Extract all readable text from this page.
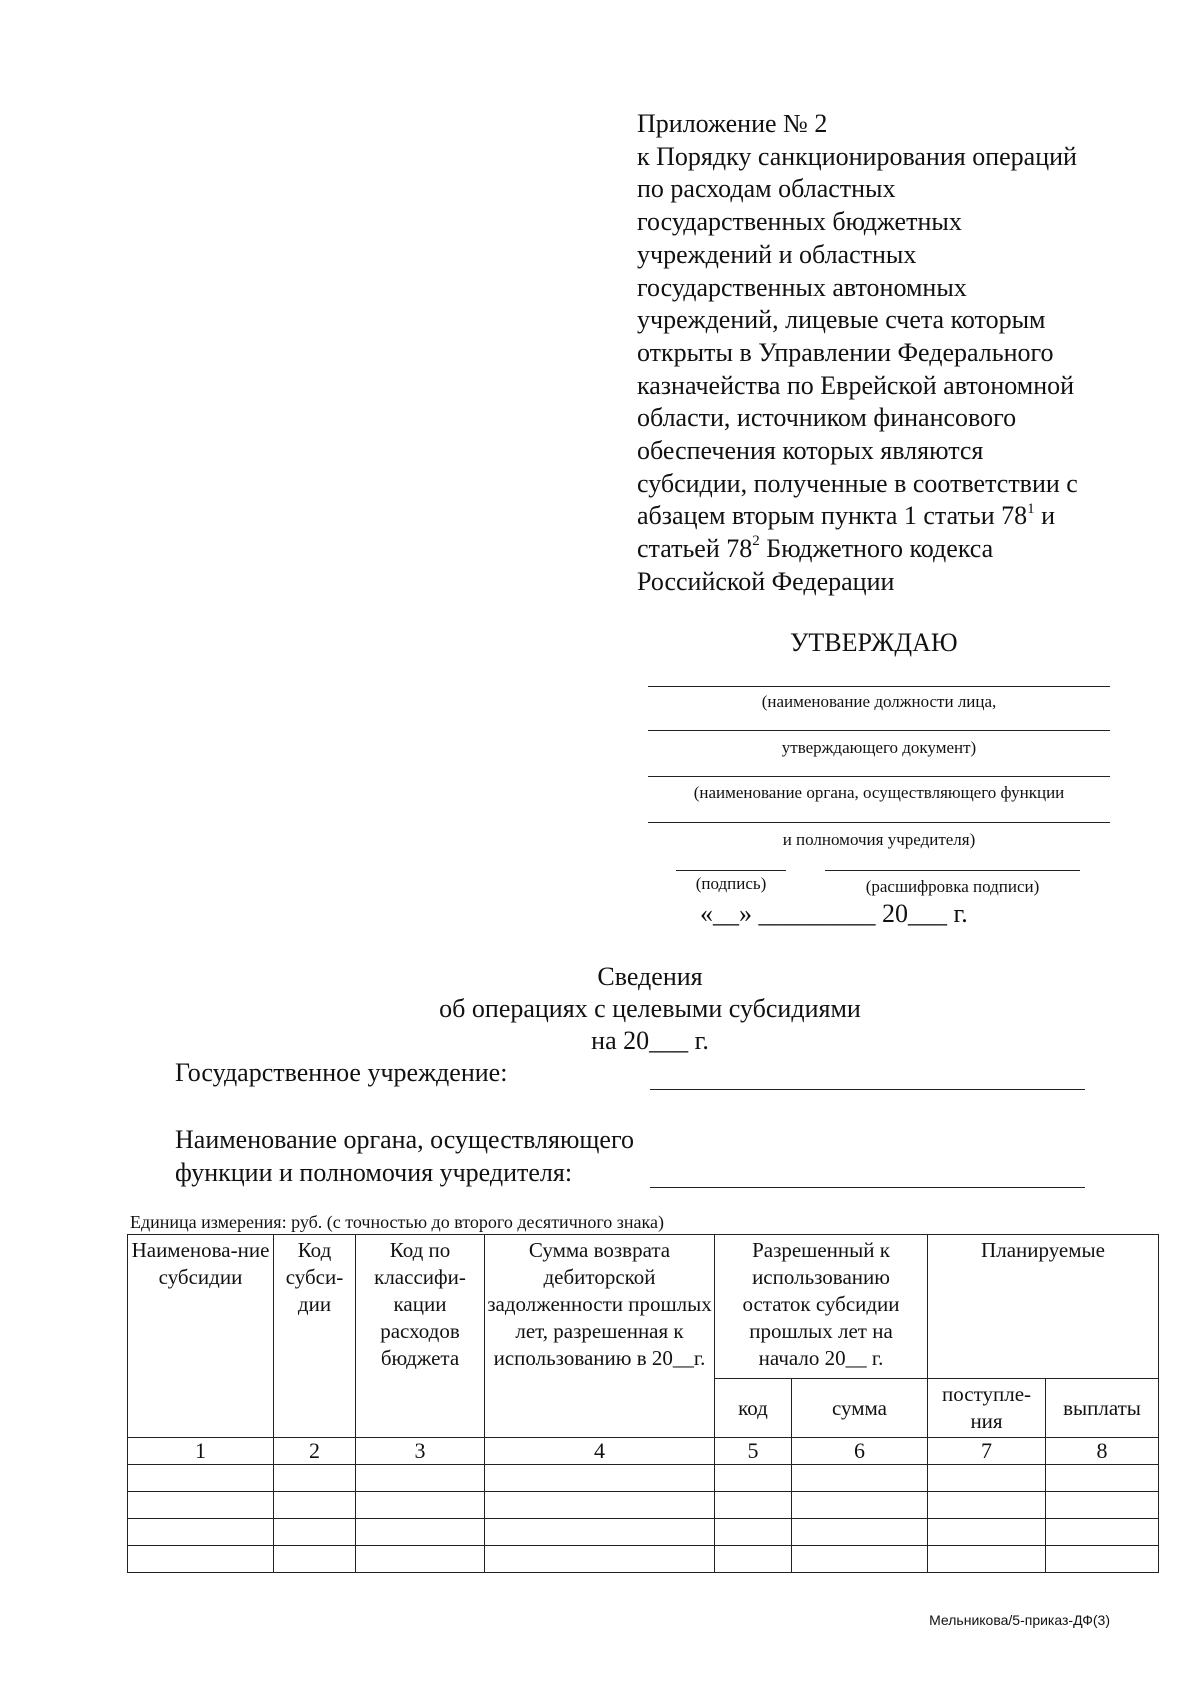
Приложение № 2
к Порядку санкционирования операций
по расходам областных
государственных бюджетных
учреждений и областных
государственных автономных
учреждений, лицевые счета которым
открыты в Управлении Федерального
казначейства по Еврейской автономной
области, источником финансового
обеспечения которых являются
субсидии, полученные в соответствии с
абзацем вторым пункта 1 статьи $78^1$ и
статьей $78^2$ Бюджетного кодекса
Российской Федерации
УТВЕРЖДАЮ
(наименование должности лица,
утверждающего документ)
(наименование органа, осуществляющего функции
и полномочия учредителя)
(подпись)	(расшифровка подписи)
«__» _________ 20___ г.
Сведения
об операциях с целевыми субсидиями
на 20___ г.
Государственное учреждение:
Наименование органа, осуществляющего
функции и полномочия учредителя:
Единица измерения: руб. (с точностью до второго десятичного знака)
Наименова-ние субсидии	Код субси-дии	Код по классифи-кации расходов бюджета	Сумма возврата дебиторской задолженности прошлых лет, разрешенная к использованию в 20__г.	Разрешенный к использованию остаток субсидии прошлых лет на начало 20__ г.		Планируемые	
				код	сумма	поступле-ния	выплаты
1	2	3	4	5	6	7	8

Мельникова/5-приказ-ДФ(3)
